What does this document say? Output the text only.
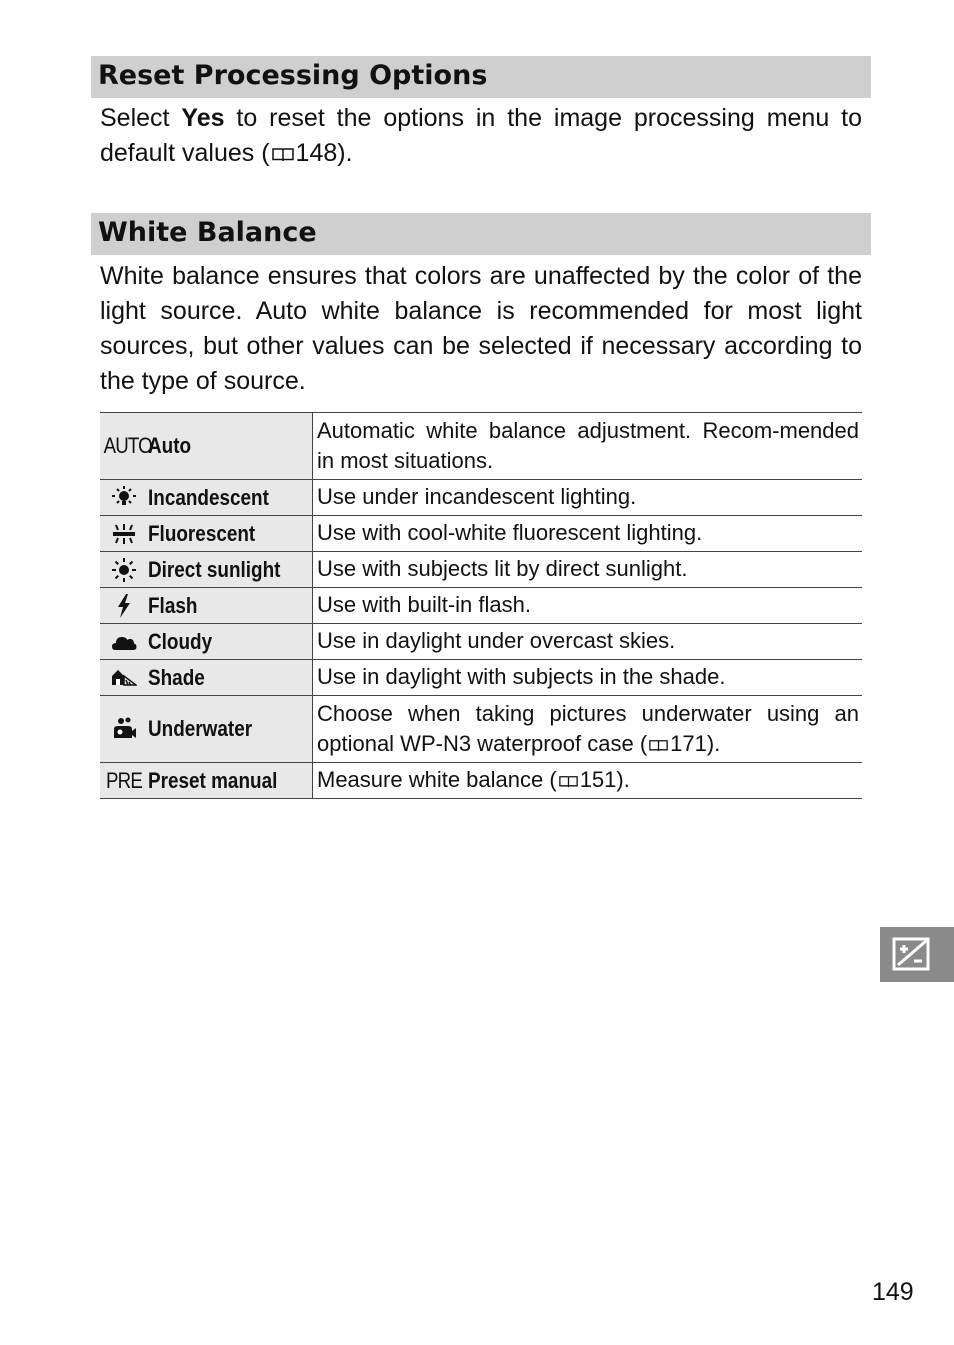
Reset Processing Options

Select Yes to reset the options in the image processing menu to default values ( 148).

White Balance

White balance ensures that colors are unaffected by the color of the light source. Auto white balance is recommended for most light sources, but other values can be selected if necessary according to the type of source.

AUTOAuto	Automatic white balance adjustment. Recom-mended in most situations.
Incandescent	Use under incandescent lighting.
Fluorescent	Use with cool-white fluorescent lighting.
Direct sunlight	Use with subjects lit by direct sunlight.
Flash	Use with built-in flash.
Cloudy	Use in daylight under overcast skies.
Shade	Use in daylight with subjects in the shade.
Underwater	Choose when taking pictures underwater using an optional WP-N3 waterproof case ( 171).
PRE Preset manual	Measure white balance ( 151).
149
